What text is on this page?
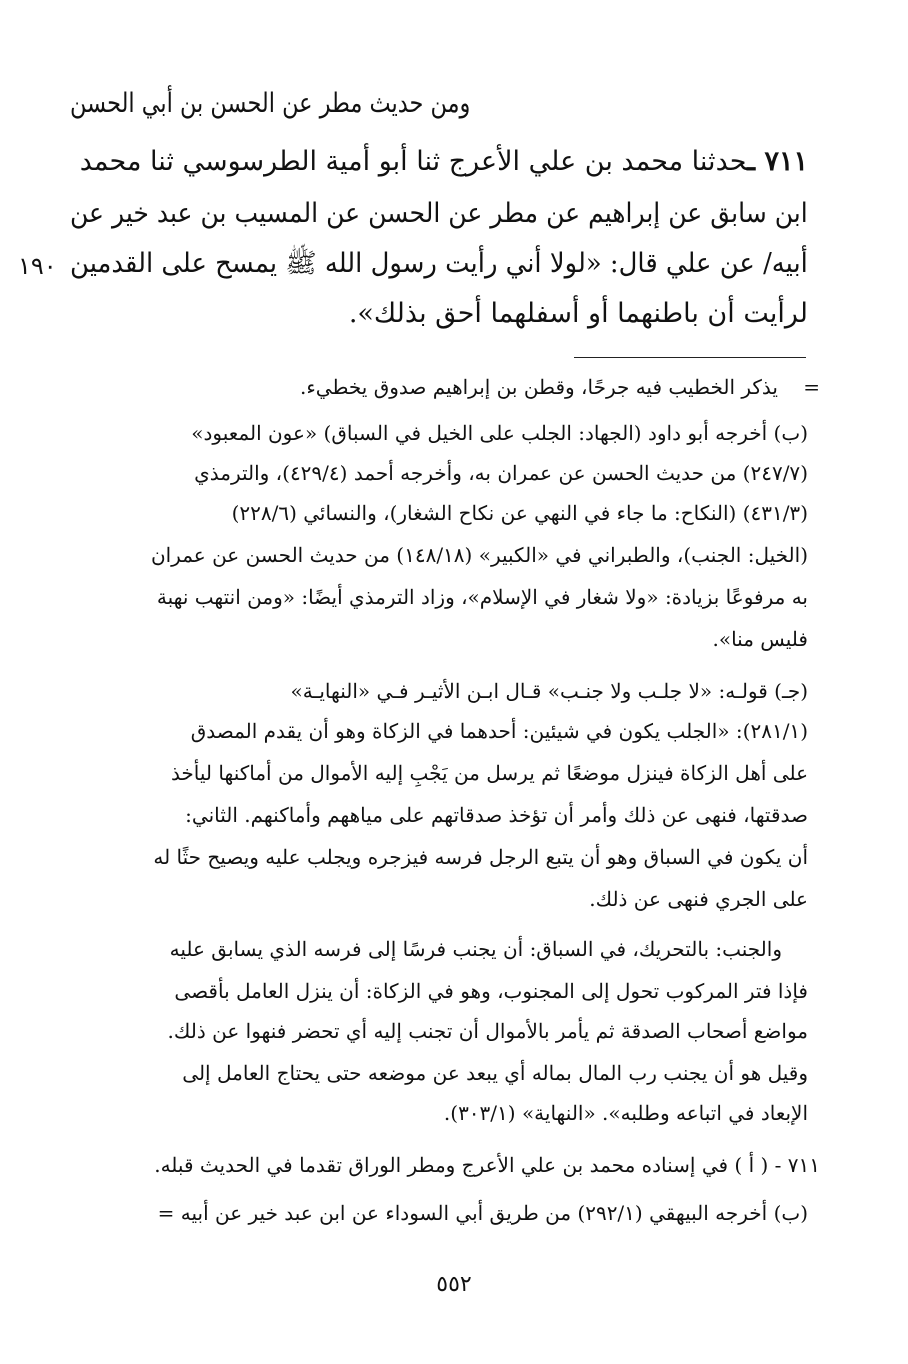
ومن حديث مطر عن الحسن بن أبي الحسن
٧١١ ـحدثنا محمد بن علي الأعرج ثنا أبو أمية الطرسوسي ثنا محمد
ابن سابق عن إبراهيم عن مطر عن الحسن عن المسيب بن عبد خير عن
أبيه/ عن علي قال: «لولا أني رأيت رسول الله ﷺ يمسح على القدمين
لرأيت أن باطنهما أو أسفلهما أحق بذلك».
١٩٠
=
يذكر الخطيب فيه جرحًا، وقطن بن إبراهيم صدوق يخطيء.
(ب) أخرجه أبو داود (الجهاد: الجلب على الخيل في السباق) «عون المعبود»
(٢٤٧/٧) من حديث الحسن عن عمران به، وأخرجه أحمد (٤٢٩/٤)، والترمذي
(٤٣١/٣) (النكاح: ما جاء في النهي عن نكاح الشغار)، والنسائي (٢٢٨/٦)
(الخيل: الجنب)، والطبراني في «الكبير» (١٤٨/١٨) من حديث الحسن عن عمران
به مرفوعًا بزيادة: «ولا شغار في الإسلام»، وزاد الترمذي أيضًا: «ومن انتهب نهبة
فليس منا».
(جـ) قولـه: «لا جلـب ولا جنـب» قـال ابـن الأثيـر فـي «النهايـة»
(٢٨١/١): «الجلب يكون في شيئين: أحدهما في الزكاة وهو أن يقدم المصدق
على أهل الزكاة فينزل موضعًا ثم يرسل من يَجْبِ إليه الأموال من أماكنها ليأخذ
صدقتها، فنهى عن ذلك وأمر أن تؤخذ صدقاتهم على مياههم وأماكنهم. الثاني:
أن يكون في السباق وهو أن يتبع الرجل فرسه فيزجره ويجلب عليه ويصيح حثًا له
على الجري فنهى عن ذلك.
والجنب: بالتحريك، في السباق: أن يجنب فرسًا إلى فرسه الذي يسابق عليه
فإذا فتر المركوب تحول إلى المجنوب، وهو في الزكاة: أن ينزل العامل بأقصى
مواضع أصحاب الصدقة ثم يأمر بالأموال أن تجنب إليه أي تحضر فنهوا عن ذلك.
وقيل هو أن يجنب رب المال بماله أي يبعد عن موضعه حتى يحتاج العامل إلى
الإبعاد في اتباعه وطلبه». «النهاية» (٣٠٣/١).
٧١١ - ( أ ) في إسناده محمد بن علي الأعرج ومطر الوراق تقدما في الحديث قبله.
(ب) أخرجه البيهقي (٢٩٢/١) من طريق أبي السوداء عن ابن عبد خير عن أبيه =
٥٥٢
